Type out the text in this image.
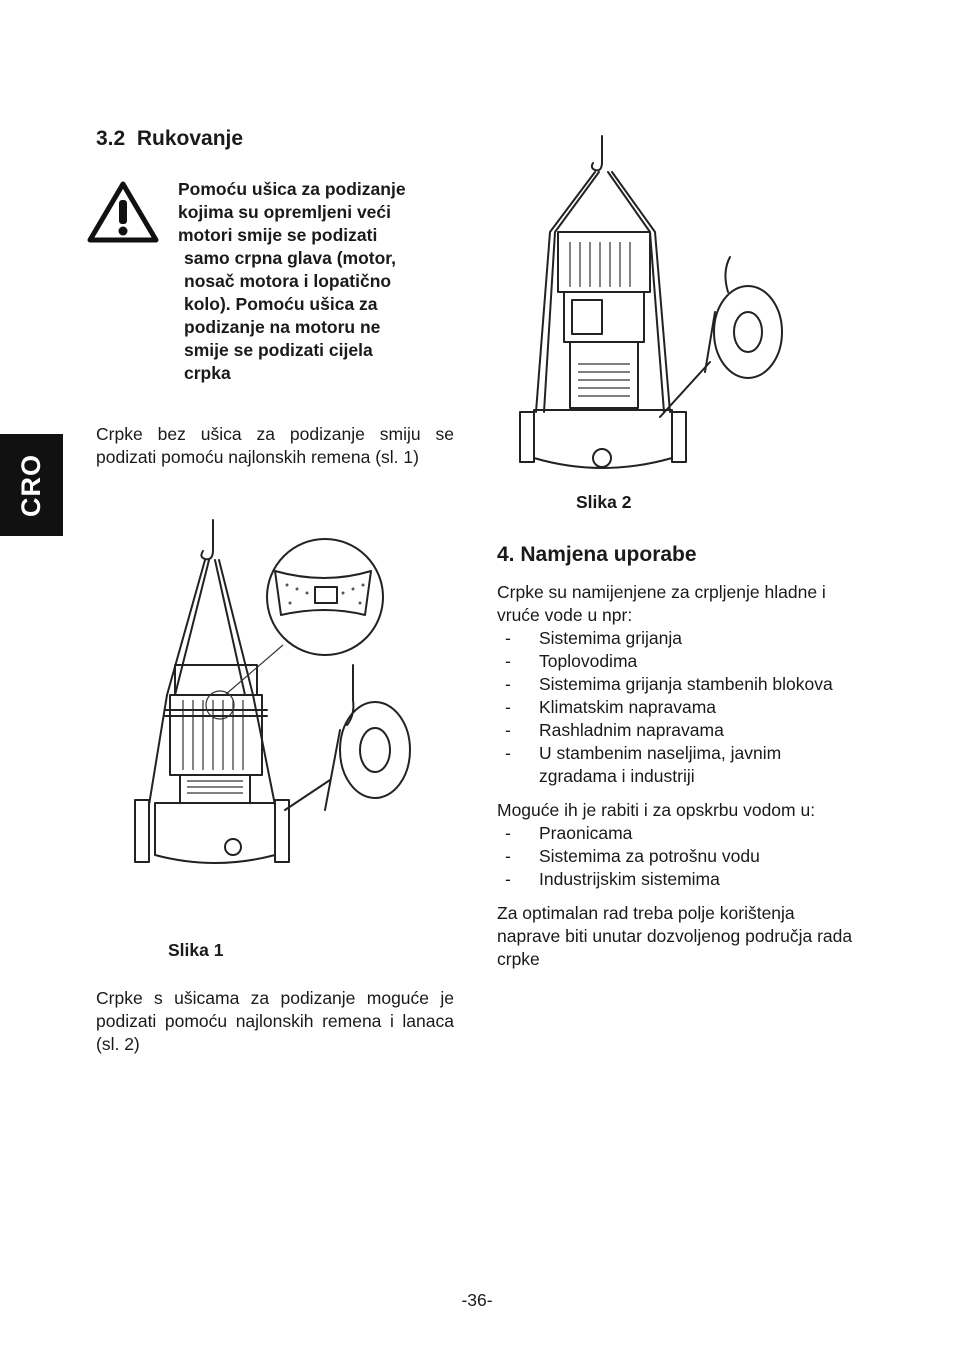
CRO
3.2 Rukovanje
Pomoću ušica za podizanje
kojima su opremljeni veći
motori smije se podizati
samo crpna glava (motor,
nosač motora i lopatično
kolo). Pomoću ušica za
podizanje na motoru ne
smije se podizati cijela
crpka
Crpke bez ušica za podizanje smiju se podizati pomoću najlonskih remena (sl. 1)
Slika 1
Crpke s ušicama za podizanje moguće je podizati pomoću najlonskih remena i lanaca (sl. 2)
Slika 2
4. Namjena uporabe
Crpke su namijenjene za crpljenje hladne i vruće vode u npr:
- Sistemima grijanja
- Toplovodima
- Sistemima grijanja stambenih blokova
- Klimatskim napravama
- Rashladnim napravama
- U stambenim naseljima, javnim zgradama i industriji
Moguće ih je rabiti i za opskrbu vodom u:
- Praonicama
- Sistemima za potrošnu vodu
- Industrijskim sistemima
Za optimalan rad treba polje korištenja naprave biti unutar dozvoljenog područja rada crpke
-36-
